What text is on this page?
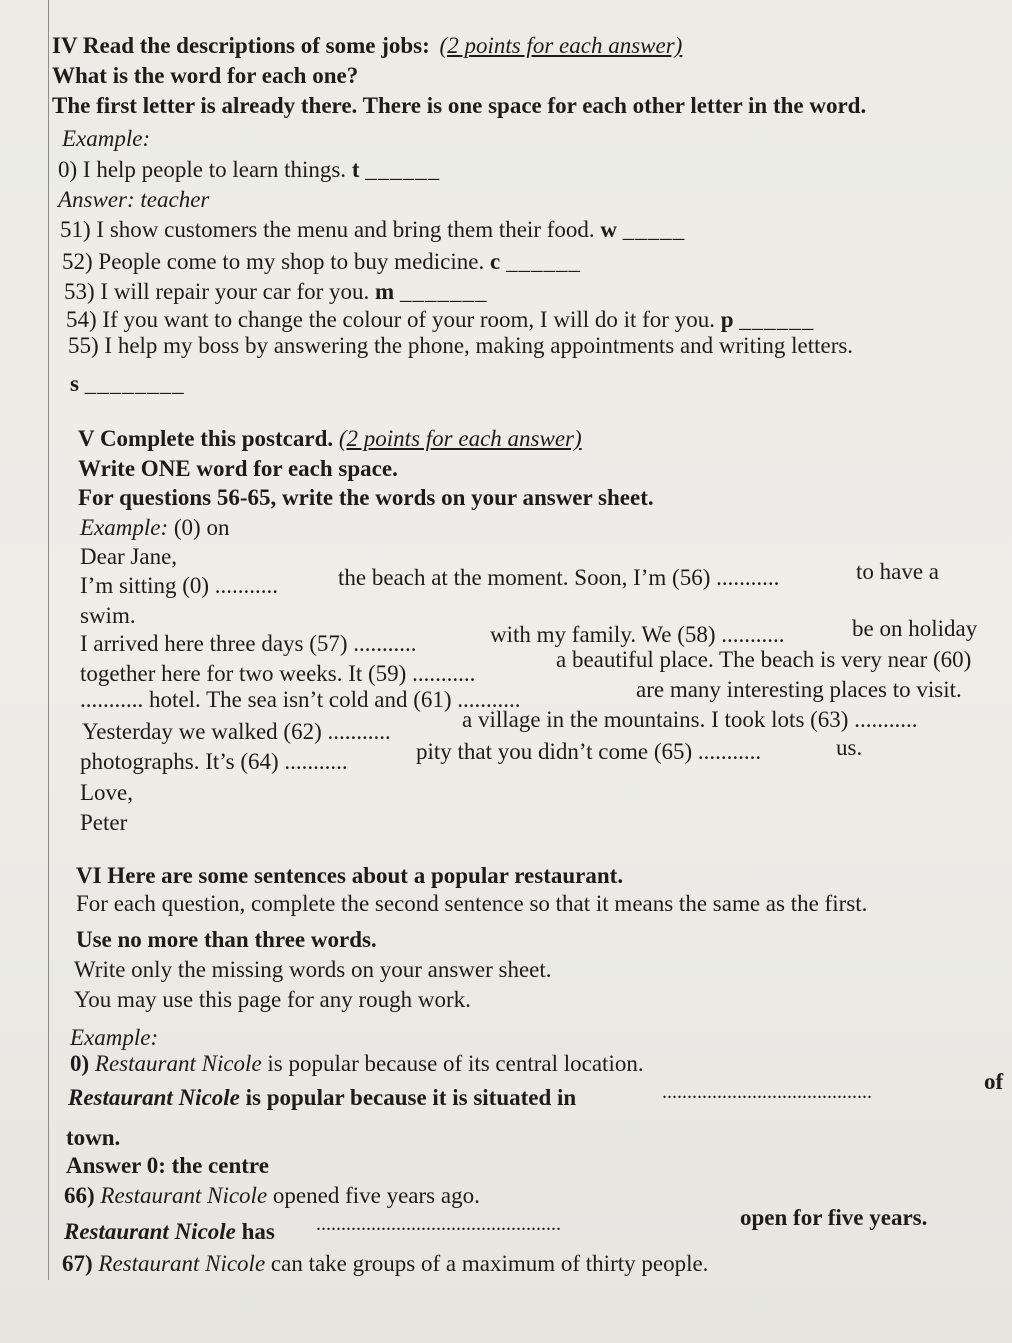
IV Read the descriptions of some jobs: (2 points for each answer)
What is the word for each one?
The first letter is already there. There is one space for each other letter in the word.
Example:
0) I help people to learn things. t ______
Answer: teacher
51) I show customers the menu and bring them their food. w _____
52) People come to my shop to buy medicine. c ______
53) I will repair your car for you. m _______
54) If you want to change the colour of your room, I will do it for you. p ______
55) I help my boss by answering the phone, making appointments and writing letters.
s ________
V Complete this postcard. (2 points for each answer)
Write ONE word for each space.
For questions 56-65, write the words on your answer sheet.
Example: (0) on
Dear Jane,
I’m sitting (0) ...........	the beach at the moment. Soon, I’m (56) ...........	to have a
swim.
I arrived here three days (57) ...........	with my family. We (58) ...........	be on holiday
together here for two weeks. It (59) ...........
a beautiful place. The beach is very near (60)
........... hotel. The sea isn’t cold and (61) ...........	are many interesting places to visit.
Yesterday we walked (62) ...........	a village in the mountains. I took lots (63) ...........
photographs. It’s (64) ...........	pity that you didn’t come (65) ...........	us.
Love,
Peter
VI Here are some sentences about a popular restaurant.
For each question, complete the second sentence so that it means the same as the first.
Use no more than three words.
Write only the missing words on your answer sheet.
You may use this page for any rough work.
Example:
0) Restaurant Nicole is popular because of its central location.
Restaurant Nicole is popular because it is situated in	..........................................	of
town.
Answer 0: the centre
66) Restaurant Nicole opened five years ago.
Restaurant Nicole has .................................................	open for five years.
67) Restaurant Nicole can take groups of a maximum of thirty people.
